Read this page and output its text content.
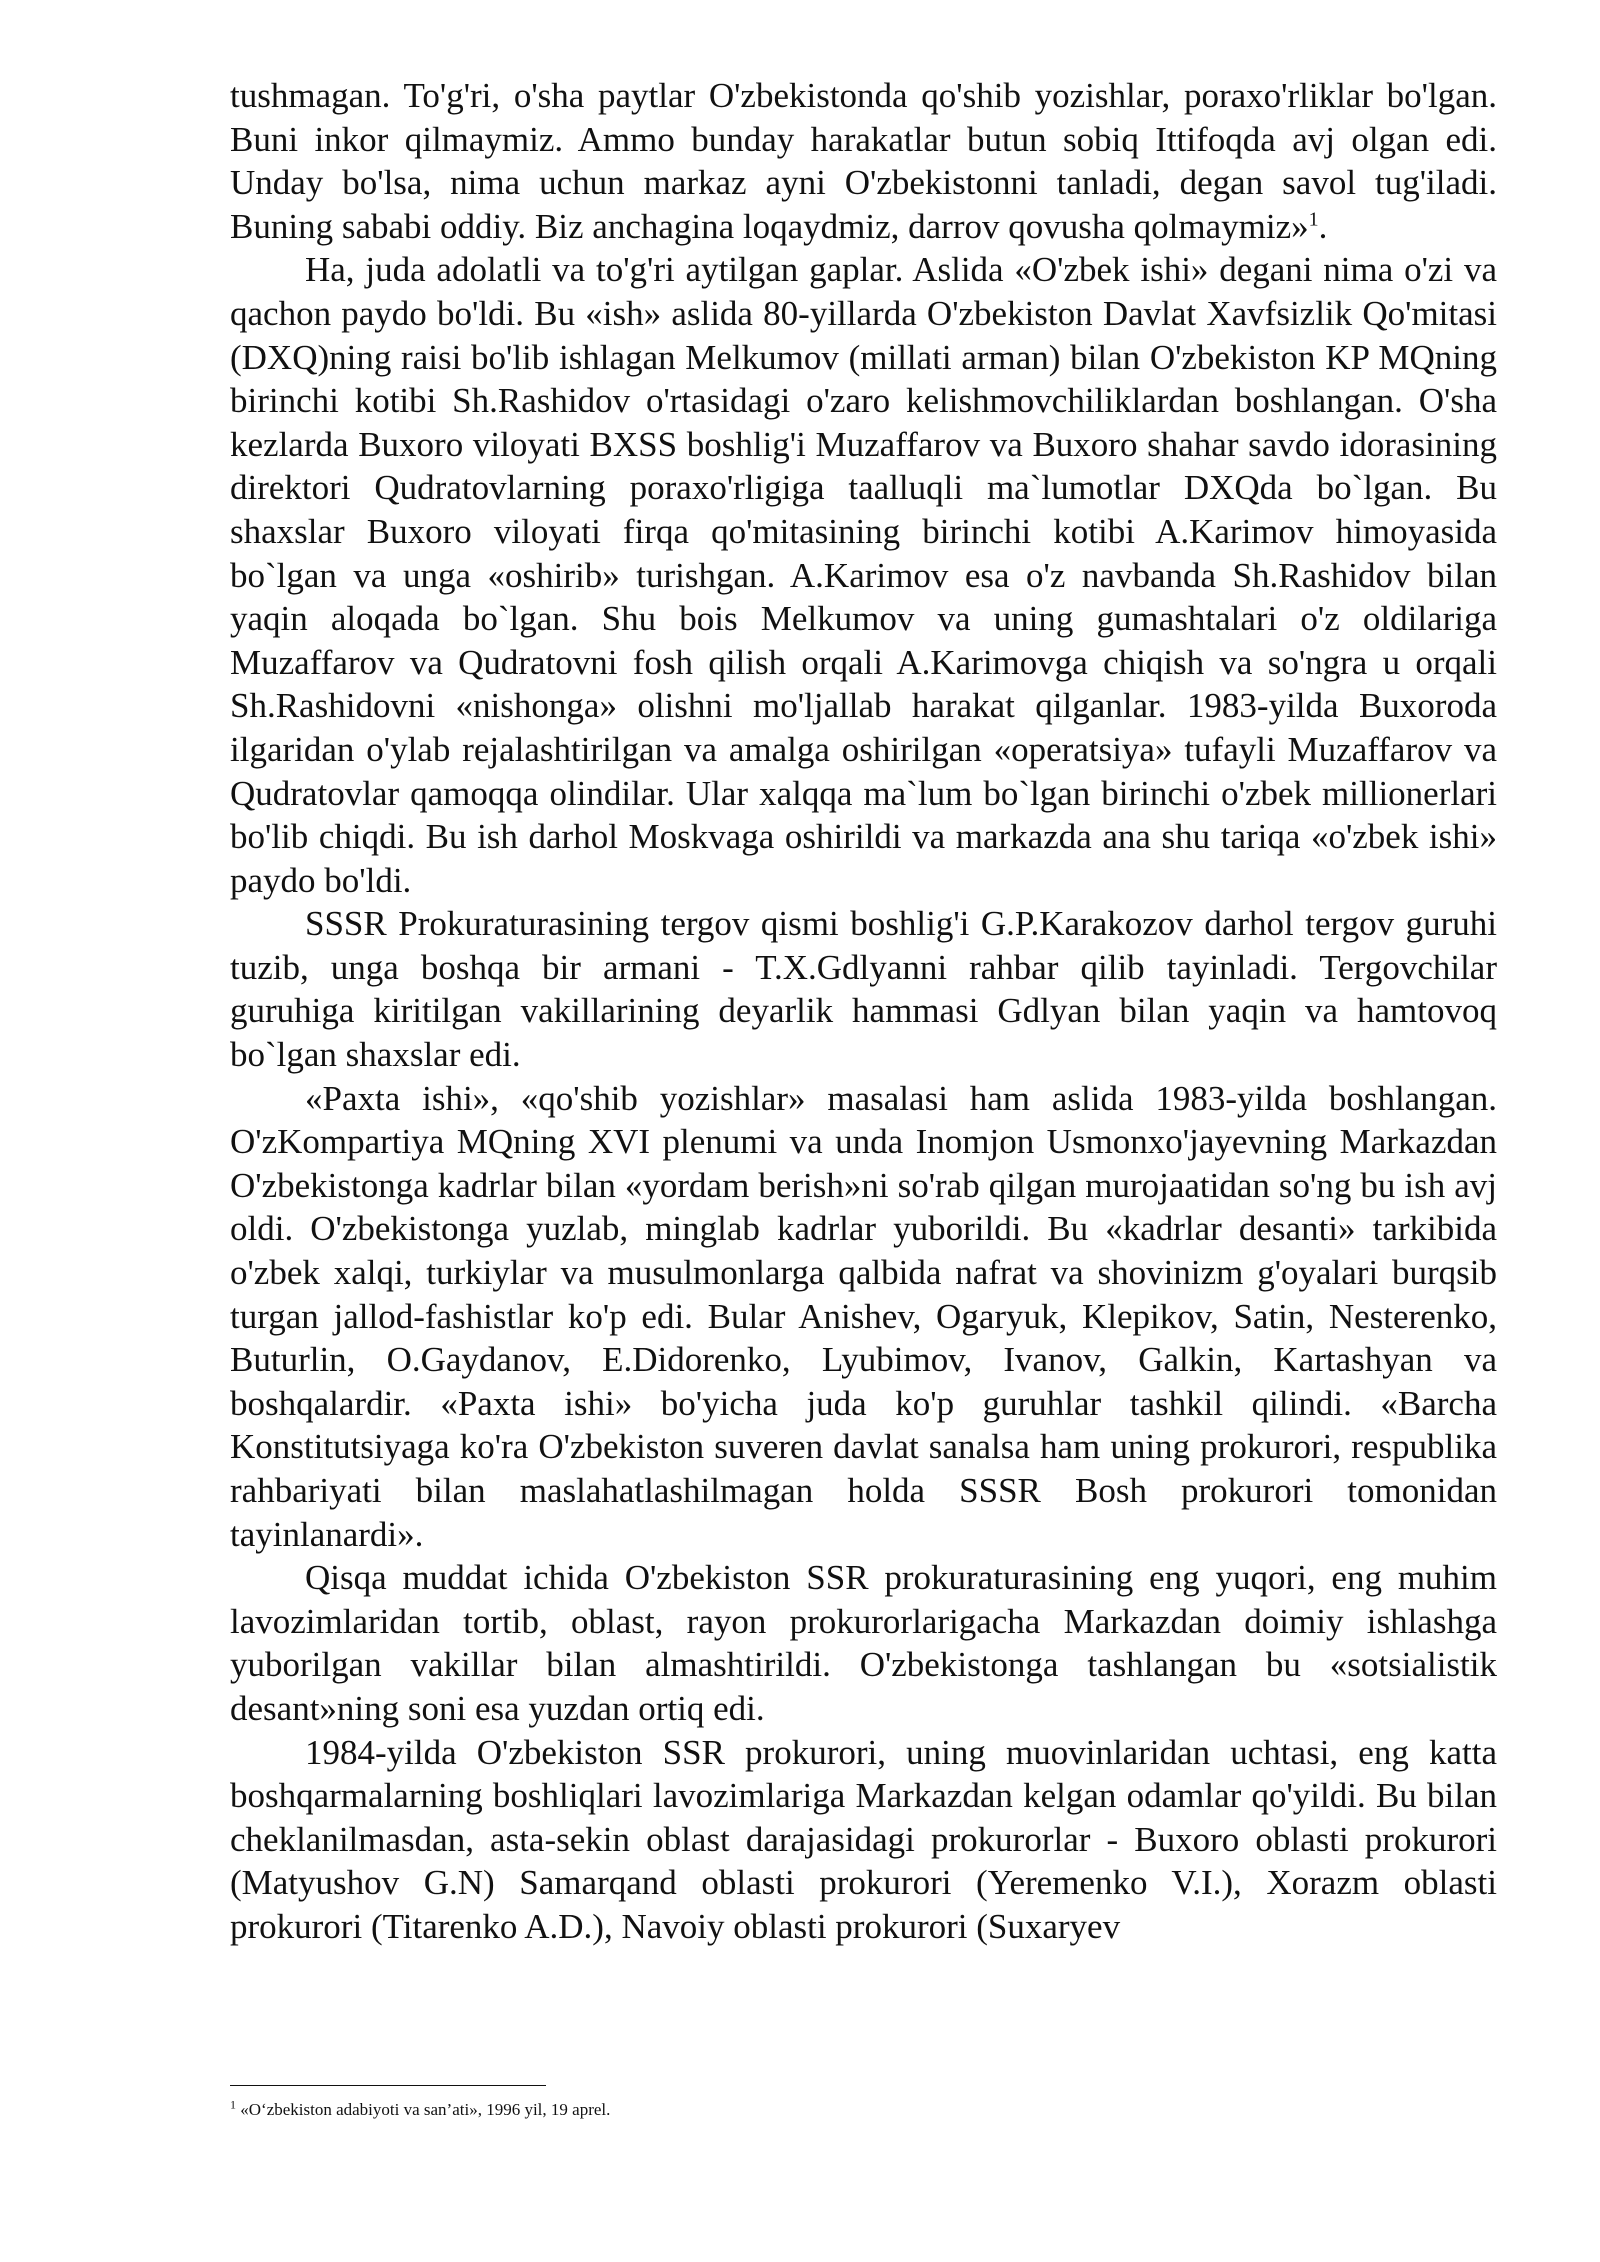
tushmagan. To'g'ri, o'sha paytlar O'zbekistonda qo'shib yozishlar, poraxo'rliklar bo'lgan. Buni inkor qilmaymiz. Ammo bunday harakatlar butun sobiq Ittifoqda avj olgan edi. Unday bo'lsa, nima uchun markaz ayni O'zbekistonni tanladi, degan savol tug'iladi. Buning sababi oddiy. Biz anchagina loqaydmiz, darrov qovusha qolmaymiz»$^1$.

Ha, juda adolatli va to'g'ri aytilgan gaplar. Aslida «O'zbek ishi» degani nima o'zi va qachon paydo bo'ldi. Bu «ish» aslida 80-yillarda O'zbekiston Davlat Xavfsizlik Qo'mitasi (DXQ)ning raisi bo'lib ishlagan Melkumov (millati arman) bilan O'zbekiston KP MQning birinchi kotibi Sh.Rashidov o'rtasidagi o'zaro kelishmovchiliklardan boshlangan. O'sha kezlarda Buxoro viloyati BXSS boshlig'i Muzaffarov va Buxoro shahar savdo idorasining direktori Qudratovlarning poraxo'rligiga taalluqli ma`lumotlar DXQda bo`lgan. Bu shaxslar Buxoro viloyati firqa qo'mitasining birinchi kotibi A.Karimov himoyasida bo`lgan va unga «oshirib» turishgan. A.Karimov esa o'z navbanda Sh.Rashidov bilan yaqin aloqada bo`lgan. Shu bois Melkumov va uning gumashtalari o'z oldilariga Muzaffarov va Qudratovni fosh qilish orqali A.Karimovga chiqish va so'ngra u orqali Sh.Rashidovni «nishonga» olishni mo'ljallab harakat qilganlar. 1983-yilda Buxoroda ilgaridan o'ylab rejalashtirilgan va amalga oshirilgan «operatsiya» tufayli Muzaffarov va Qudratovlar qamoqqa olindilar. Ular xalqqa ma`lum bo`lgan birinchi o'zbek millionerlari bo'lib chiqdi. Bu ish darhol Moskvaga oshirildi va markazda ana shu tariqa «o'zbek ishi» paydo bo'ldi.

SSSR Prokuraturasining tergov qismi boshlig'i G.P.Karakozov darhol tergov guruhi tuzib, unga boshqa bir armani - T.X.Gdlyanni rahbar qilib tayinladi. Tergovchilar guruhiga kiritilgan vakillarining deyarlik hammasi Gdlyan bilan yaqin va hamtovoq bo`lgan shaxslar edi.

«Paxta ishi», «qo'shib yozishlar» masalasi ham aslida 1983-yilda boshlangan. O'zKompartiya MQning XVI plenumi va unda Inomjon Usmonxo'jayevning Markazdan O'zbekistonga kadrlar bilan «yordam berish»ni so'rab qilgan murojaatidan so'ng bu ish avj oldi. O'zbekistonga yuzlab, minglab kadrlar yuborildi. Bu «kadrlar desanti» tarkibida o'zbek xalqi, turkiylar va musulmonlarga qalbida nafrat va shovinizm g'oyalari burqsib turgan jallod-fashistlar ko'p edi. Bular Anishev, Ogaryuk, Klepikov, Satin, Nesterenko, Buturlin, O.Gaydanov, E.Didorenko, Lyubimov, Ivanov, Galkin, Kartashyan va boshqalardir. «Paxta ishi» bo'yicha juda ko'p guruhlar tashkil qilindi. «Barcha Konstitutsiyaga ko'ra O'zbekiston suveren davlat sanalsa ham uning prokurori, respublika rahbariyati bilan maslahatlashilmagan holda SSSR Bosh prokurori tomonidan tayinlanardi».

Qisqa muddat ichida O'zbekiston SSR prokuraturasining eng yuqori, eng muhim lavozimlaridan tortib, oblast, rayon prokurorlarigacha Markazdan doimiy ishlashga yuborilgan vakillar bilan almashtirildi. O'zbekistonga tashlangan bu «sotsialistik desant»ning soni esa yuzdan ortiq edi.

1984-yilda O'zbekiston SSR prokurori, uning muovinlaridan uchtasi, eng katta boshqarmalarning boshliqlari lavozimlariga Markazdan kelgan odamlar qo'yildi. Bu bilan cheklanilmasdan, asta-sekin oblast darajasidagi prokurorlar - Buxoro oblasti prokurori (Matyushov G.N) Samarqand oblasti prokurori (Yeremenko V.I.), Xorazm oblasti prokurori (Titarenko A.D.), Navoiy oblasti prokurori (Suxaryev

$^1$ «O‘zbekiston adabiyoti va san’ati», 1996 yil, 19 aprel.
